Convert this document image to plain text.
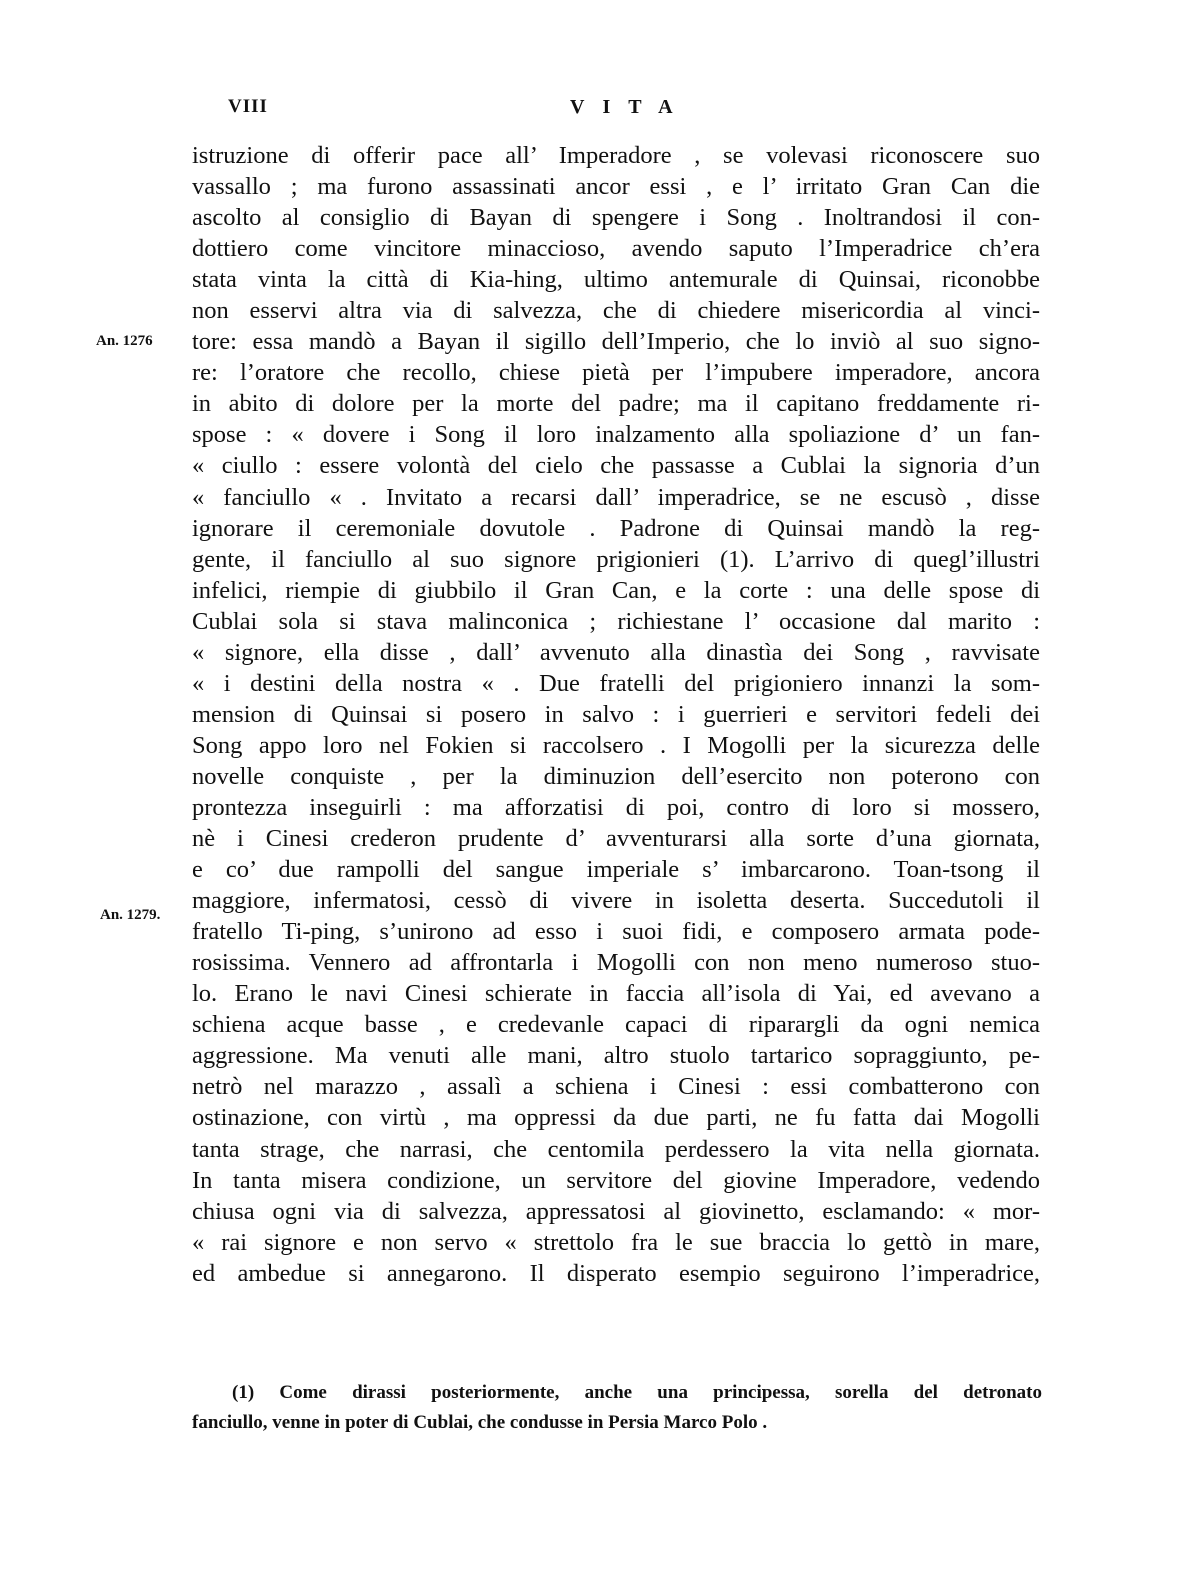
VIII	VITA
An. 1276
An. 1279.
istruzione di offerir pace all’ Imperadore , se volevasi riconoscere suo
vassallo ; ma furono assassinati ancor essi , e l’ irritato Gran Can die
ascolto al consiglio di Bayan di spengere i Song . Inoltrandosi il con-
dottiero come vincitore minaccioso, avendo saputo l’Imperadrice ch’era
stata vinta la città di Kia-hing, ultimo antemurale di Quinsai, riconobbe
non esservi altra via di salvezza, che di chiedere misericordia al vinci-
tore: essa mandò a Bayan il sigillo dell’Imperio, che lo inviò al suo signo-
re: l’oratore che recollo, chiese pietà per l’impubere imperadore, ancora
in abito di dolore per la morte del padre; ma il capitano freddamente ri-
spose : « dovere i Song il loro inalzamento alla spoliazione d’ un fan-
« ciullo : essere volontà del cielo che passasse a Cublai la signoria d’un
« fanciullo « . Invitato a recarsi dall’ imperadrice, se ne escusò , disse
ignorare il ceremoniale dovutole . Padrone di Quinsai mandò la reg-
gente, il fanciullo al suo signore prigionieri (1). L’arrivo di quegl’illustri
infelici, riempie di giubbilo il Gran Can, e la corte : una delle spose di
Cublai sola si stava malinconica ; richiestane l’ occasione dal marito :
« signore, ella disse , dall’ avvenuto alla dinastìa dei Song , ravvisate
« i destini della nostra « . Due fratelli del prigioniero innanzi la som-
mension di Quinsai si posero in salvo : i guerrieri e servitori fedeli dei
Song appo loro nel Fokien si raccolsero . I Mogolli per la sicurezza delle
novelle conquiste , per la diminuzion dell’esercito non poterono con
prontezza inseguirli : ma afforzatisi di poi, contro di loro si mossero,
nè i Cinesi crederon prudente d’ avventurarsi alla sorte d’una giornata,
e co’ due rampolli del sangue imperiale s’ imbarcarono. Toan-tsong il
maggiore, infermatosi, cessò di vivere in isoletta deserta. Succedutoli il
fratello Ti-ping, s’unirono ad esso i suoi fidi, e composero armata pode-
rosissima. Vennero ad affrontarla i Mogolli con non meno numeroso stuo-
lo. Erano le navi Cinesi schierate in faccia all’isola di Yai, ed avevano a
schiena acque basse , e credevanle capaci di riparargli da ogni nemica
aggressione. Ma venuti alle mani, altro stuolo tartarico sopraggiunto, pe-
netrò nel marazzo , assalì a schiena i Cinesi : essi combatterono con
ostinazione, con virtù , ma oppressi da due parti, ne fu fatta dai Mogolli
tanta strage, che narrasi, che centomila perdessero la vita nella giornata.
In tanta misera condizione, un servitore del giovine Imperadore, vedendo
chiusa ogni via di salvezza, appressatosi al giovinetto, esclamando: « mor-
« rai signore e non servo « strettolo fra le sue braccia lo gettò in mare,
ed ambedue si annegarono. Il disperato esempio seguirono l’imperadrice,
(1) Come dirassi posteriormente, anche una principessa, sorella del detronato
fanciullo, venne in poter di Cublai, che condusse in Persia Marco Polo .
